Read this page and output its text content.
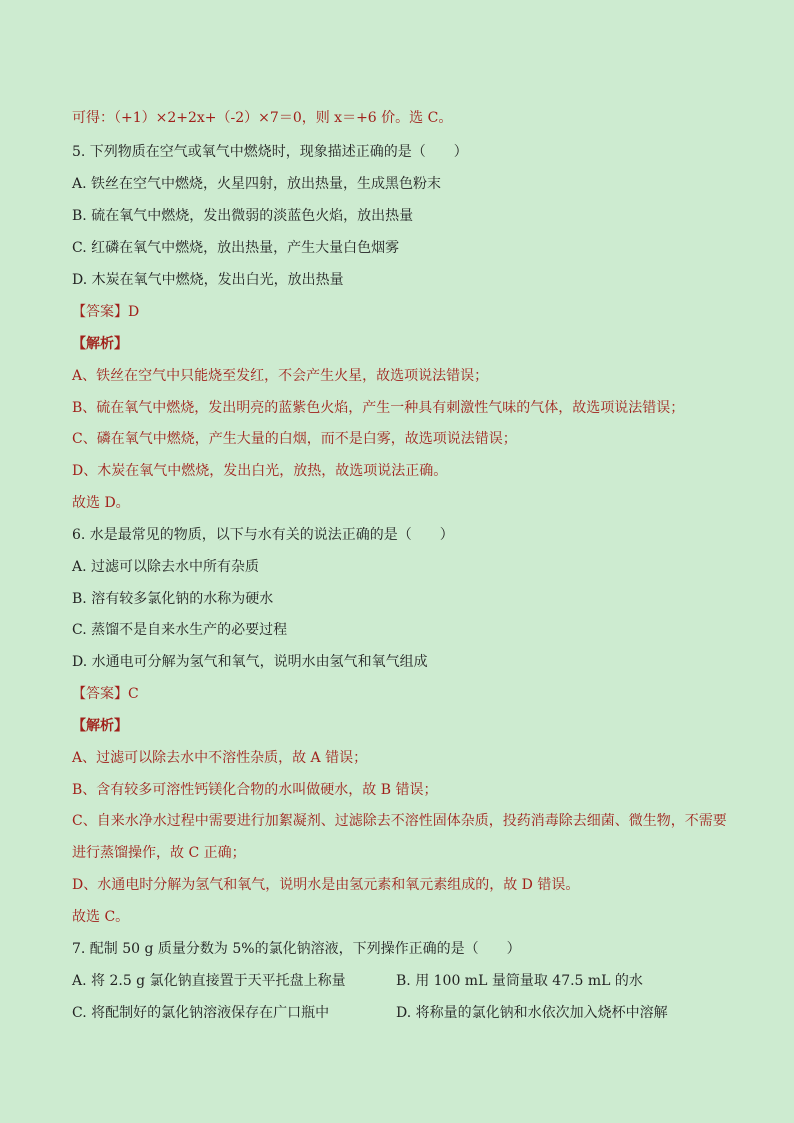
可得：（+1）×2+2x+（-2）×7＝0，则 x＝+6 价。选 C。
5. 下列物质在空气或氧气中燃烧时，现象描述正确的是（　　）
A. 铁丝在空气中燃烧，火星四射，放出热量，生成黑色粉末
B. 硫在氧气中燃烧，发出微弱的淡蓝色火焰，放出热量
C. 红磷在氧气中燃烧，放出热量，产生大量白色烟雾
D. 木炭在氧气中燃烧，发出白光，放出热量
【答案】D
【解析】
A、铁丝在空气中只能烧至发红，不会产生火星，故选项说法错误；
B、硫在氧气中燃烧，发出明亮的蓝紫色火焰，产生一种具有刺激性气味的气体，故选项说法错误；
C、磷在氧气中燃烧，产生大量的白烟，而不是白雾，故选项说法错误；
D、木炭在氧气中燃烧，发出白光，放热，故选项说法正确。
故选 D。
6. 水是最常见的物质，以下与水有关的说法正确的是（　　）
A. 过滤可以除去水中所有杂质
B. 溶有较多氯化钠的水称为硬水
C. 蒸馏不是自来水生产的必要过程
D. 水通电可分解为氢气和氧气，说明水由氢气和氧气组成
【答案】C
【解析】
A、过滤可以除去水中不溶性杂质，故 A 错误；
B、含有较多可溶性钙镁化合物的水叫做硬水，故 B 错误；
C、自来水净水过程中需要进行加絮凝剂、过滤除去不溶性固体杂质，投药消毒除去细菌、微生物，不需要
进行蒸馏操作，故 C 正确；
D、水通电时分解为氢气和氧气，说明水是由氢元素和氧元素组成的，故 D 错误。
故选 C。
7. 配制 50 g 质量分数为 5%的氯化钠溶液，下列操作正确的是（　　）
A. 将 2.5 g 氯化钠直接置于天平托盘上称量	B. 用 100 mL 量筒量取 47.5 mL 的水
C. 将配制好的氯化钠溶液保存在广口瓶中	D. 将称量的氯化钠和水依次加入烧杯中溶解
